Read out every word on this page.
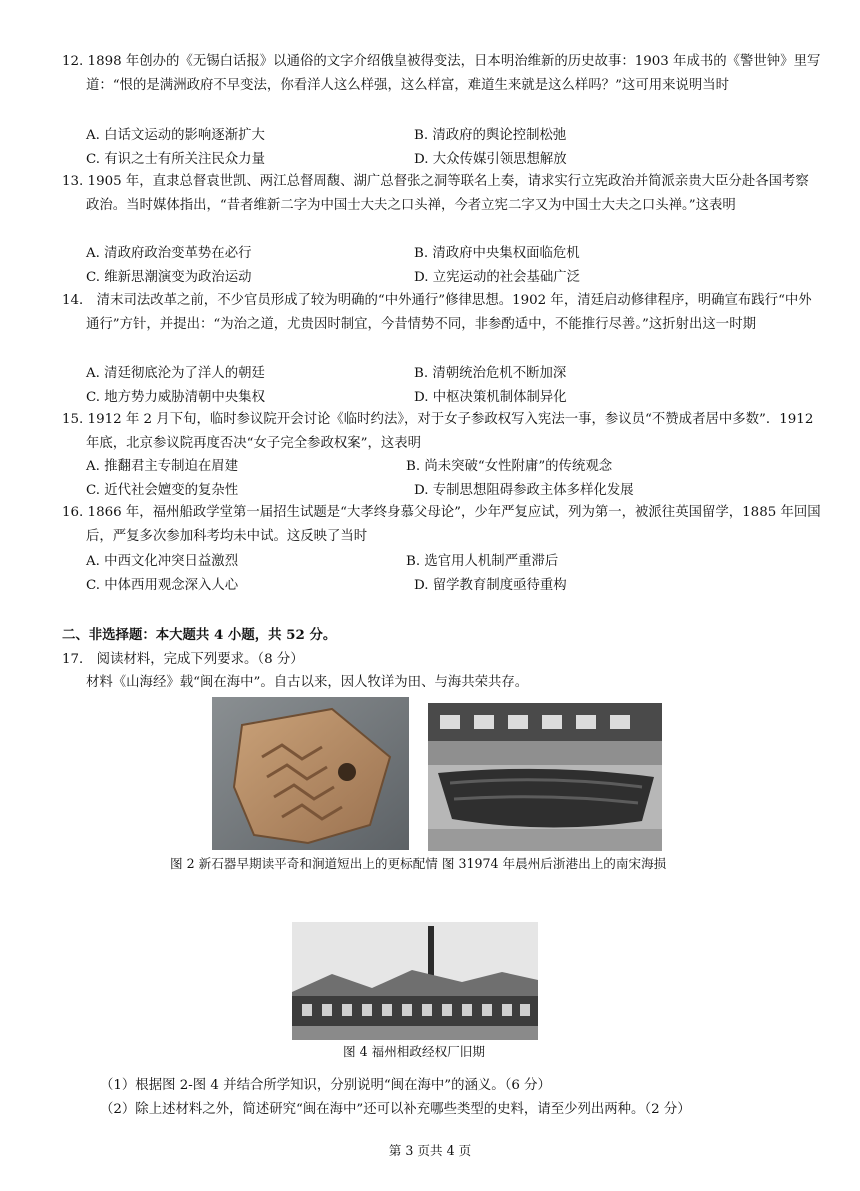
12. 1898 年创办的《无锡白话报》以通俗的文字介绍俄皇被得变法，日本明治维新的历史故事：1903 年成书的《警世钟》里写道：“恨的是满洲政府不早变法，你看洋人这么样强，这么样富，难道生来就是这么样吗？”这可用来说明当时
A. 白话文运动的影响逐渐扩大	B. 清政府的舆论控制松弛
C. 有识之士有所关注民众力量	D. 大众传媒引领思想解放
13. 1905 年，直隶总督袁世凯、两江总督周馥、湖广总督张之洞等联名上奏，请求实行立宪政治并简派亲贵大臣分赴各国考察政治。当时媒体指出，“昔者维新二字为中国士大夫之口头禅，今者立宪二字又为中国士大夫之口头禅。”这表明
A. 清政府政治变革势在必行	B. 清政府中央集权面临危机
C. 维新思潮演变为政治运动	D. 立宪运动的社会基础广泛
14． 清末司法改革之前，不少官员形成了较为明确的“中外通行”修律思想。1902 年，清廷启动修律程序，明确宣布践行“中外通行”方针，并提出：“为治之道，尤贵因时制宜，今昔情势不同，非参酌适中，不能推行尽善。”这折射出这一时期
A. 清廷彻底沦为了洋人的朝廷	B. 清朝统治危机不断加深
C. 地方势力威胁清朝中央集权	D. 中枢决策机制体制异化
15. 1912 年 2 月下旬，临时参议院开会讨论《临时约法》，对于女子参政权写入宪法一事，参议员“不赞成者居中多数”．1912 年底，北京参议院再度否决“女子完全参政权案”，这表明
A. 推翻君主专制迫在眉建	B. 尚未突破“女性附庸”的传统观念
C. 近代社会嬗变的复杂性	D. 专制思想阻碍参政主体多样化发展
16. 1866 年，福州船政学堂第一届招生试题是“大孝终身慕父母论”，少年严复应试，列为第一，被派往英国留学，1885 年回国后，严复多次参加科考均未中试。这反映了当时
A. 中西文化冲突日益激烈	B. 选官用人机制严重滞后
C. 中体西用观念深入人心	D. 留学教育制度亟待重构
二、非选择题：本大题共 4 小题，共 52 分。
17． 阅读材料，完成下列要求。（8 分）
材料《山海经》载“闽在海中”。自古以来，因人牧详为田、与海共荣共存。
图 2 新石器早期读平奇和涧道短出上的更标配情 图 31974 年晨州后浙港出上的南宋海损
图 4 福州相政经权厂旧期
（1）根据图 2-图 4 并结合所学知识，分别说明“闽在海中”的涵义。（6 分）
（2）除上述材料之外，简述研究“闽在海中”还可以补充哪些类型的史料，请至少列出两种。（2 分）
第 3 页共 4 页
